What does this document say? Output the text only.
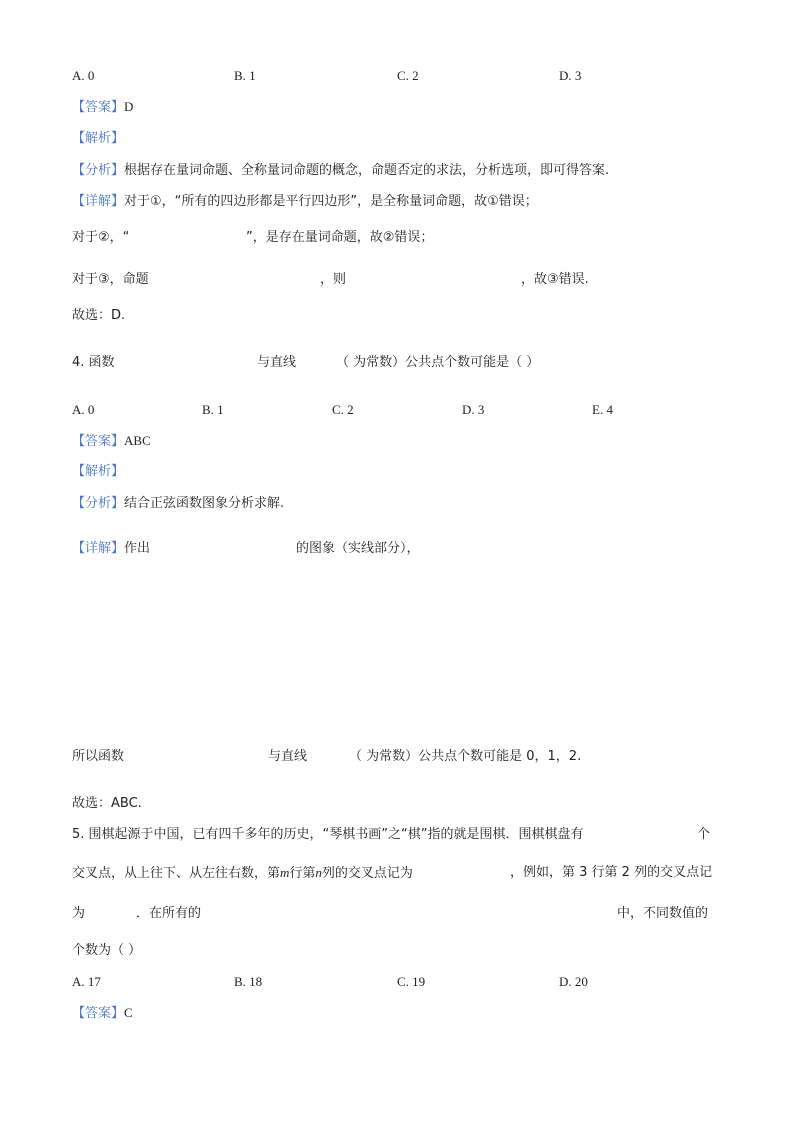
A. 0	B. 1	C. 2	D. 3
【答案】D
【解析】
【分析】根据存在量词命题、全称量词命题的概念，命题否定的求法，分析选项，即可得答案.
【详解】对于①，“所有的四边形都是平行四边形”，是全称量词命题，故①错误；
对于②，“	”，是存在量词命题，故②错误；
对于③，命题	，则	，故③错误.
故选：D.
4. 函数	与直线	（ 为常数）公共点个数可能是（ ）
A. 0	B. 1	C. 2	D. 3	E. 4
【答案】ABC
【解析】
【分析】结合正弦函数图象分析求解.
【详解】作出	的图象（实线部分），
所以函数	与直线	（ 为常数）公共点个数可能是 0，1，2.
故选：ABC.
5. 围棋起源于中国，已有四千多年的历史，“琴棋书画”之“棋”指的就是围棋．围棋棋盘有	个
交叉点，从上往下、从左往右数，第m行第n列的交叉点记为	，例如，第 3 行第 2 列的交叉点记
为	．在所有的	中，不同数值的
个数为（ ）
A. 17	B. 18	C. 19	D. 20
【答案】C
